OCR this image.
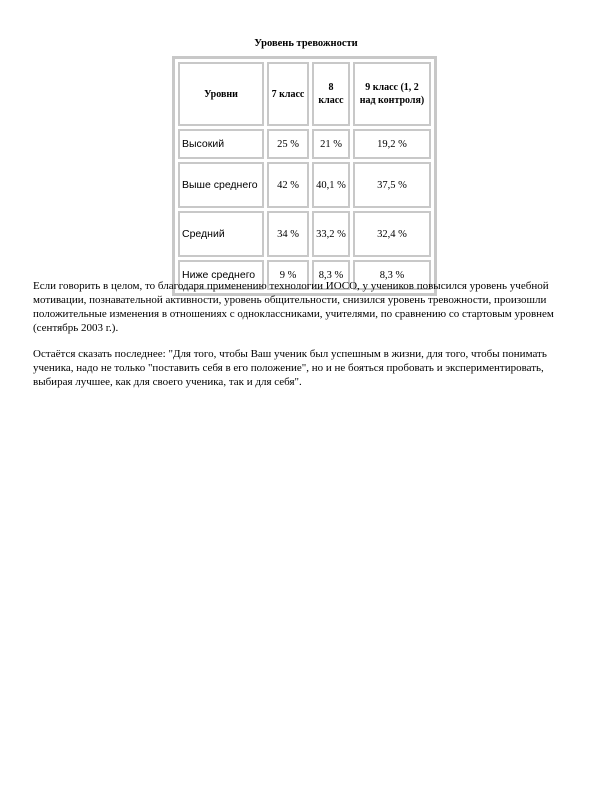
Уровень тревожности
Уровни	7 класс	8 класс	9 класс (1, 2 над контроля)
Высокий	25 %	21 %	19,2 %
Выше среднего	42 %	40,1 %	37,5 %
Средний	34 %	33,2 %	32,4 %
Ниже среднего	9 %	8,3 %	8,3 %

Если говорить в целом, то благодаря применению технологии ИОСО, у учеников повысился уровень учебной мотивации, познавательной активности, уровень общительности, снизился уровень тревожности, произошли положительные изменения в отношениях с одноклассниками, учителями, по сравнению со стартовым уровнем (сентябрь 2003 г.).

Остаётся сказать последнее: "Для того, чтобы Ваш ученик был успешным в жизни, для того, чтобы понимать ученика, надо не только "поставить себя в его положение", но и не бояться пробовать и экспериментировать, выбирая лучшее, как для своего ученика, так и для себя".
